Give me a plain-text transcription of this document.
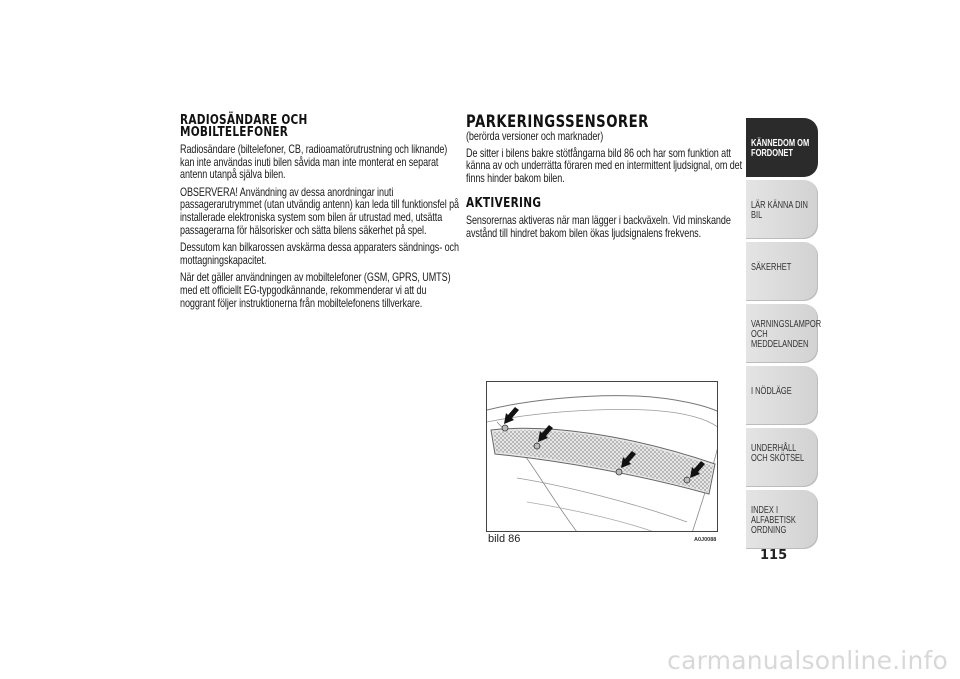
RADIOSÄNDARE OCH MOBILTELEFONER

Radiosändare (biltelefoner, CB, radioamatörutrustning och liknande) kan inte användas inuti bilen såvida man inte monterat en separat antenn utanpå själva bilen.

OBSERVERA! Användning av dessa anordningar inuti passagerarutrymmet (utan utvändig antenn) kan leda till funktionsfel på installerade elektroniska system som bilen är utrustad med, utsätta passagerarna för hälsorisker och sätta bilens säkerhet på spel.

Dessutom kan bilkarossen avskärma dessa apparaters sändnings- och mottagningskapacitet.

När det gäller användningen av mobiltelefoner (GSM, GPRS, UMTS) med ett officiellt EG-typgodkännande, rekommenderar vi att du noggrant följer instruktionerna från mobiltelefonens tillverkare.

PARKERINGSSENSORER

(berörda versioner och marknader)

De sitter i bilens bakre stötfångarna bild 86 och har som funktion att känna av och underrätta föraren med en intermittent ljudsignal, om det finns hinder bakom bilen.

AKTIVERING

Sensorernas aktiveras när man lägger i backväxeln. Vid minskande avstånd till hindret bakom bilen ökas ljudsignalens frekvens.

bild 86	A0J0088
KÄNNEDOM OM FORDONET
LÄR KÄNNA DIN BIL
SÄKERHET
VARNINGSLAMPOR OCH MEDDELANDEN
I NÖDLÄGE
UNDERHÅLL OCH SKÖTSEL
INDEX I ALFABETISK ORDNING
115
carmanualsonline.info
